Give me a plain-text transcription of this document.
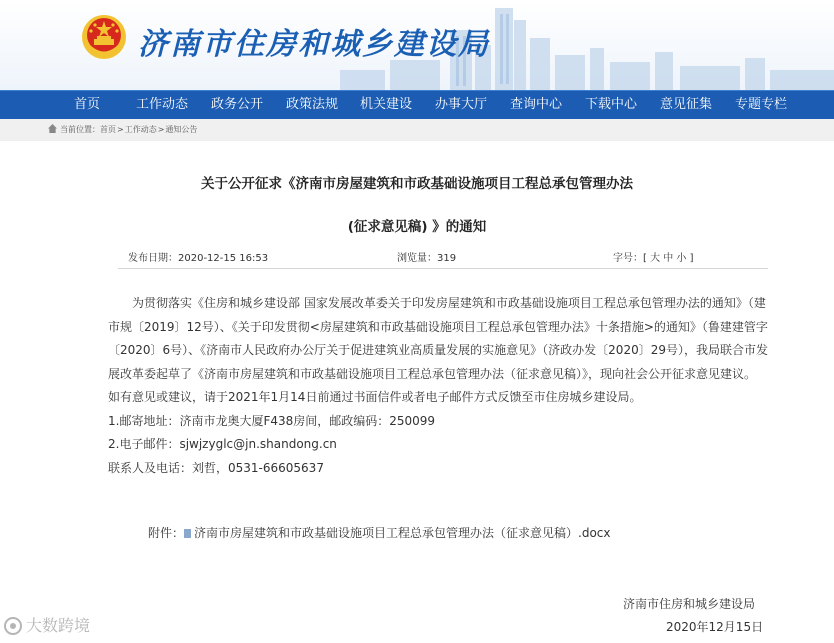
济南市住房和城乡建设局
首页	工作动态 政务公开 政策法规 机关建设 办事大厅 查询中心 下载中心 意见征集 专题专栏
当前位置：首页>工作动态>通知公告
关于公开征求《济南市房屋建筑和市政基础设施项目工程总承包管理办法
(征求意见稿) 》的通知
发布日期：2020-12-15 16:53	浏览量：319	字号：[ 大 中 小 ]

为贯彻落实《住房和城乡建设部 国家发展改革委关于印发房屋建筑和市政基础设施项目工程总承包管理办法的通知》（建市规〔2019〕12号）、《关于印发贯彻<房屋建筑和市政基础设施项目工程总承包管理办法》十条措施>的通知》（鲁建建管字〔2020〕6号）、《济南市人民政府办公厅关于促进建筑业高质量发展的实施意见》（济政办发〔2020〕29号），我局联合市发展改革委起草了《济南市房屋建筑和市政基础设施项目工程总承包管理办法（征求意见稿）》，现向社会公开征求意见建议。

如有意见或建议，请于2021年1月14日前通过书面信件或者电子邮件方式反馈至市住房城乡建设局。

1.邮寄地址：济南市龙奥大厦F438房间，邮政编码：250099

2.电子邮件：sjwjzyglc@jn.shandong.cn

联系人及电话：刘哲，0531-66605637

附件： 济南市房屋建筑和市政基础设施项目工程总承包管理办法（征求意见稿）.docx
济南市住房和城乡建设局
2020年12月15日
大数跨境
